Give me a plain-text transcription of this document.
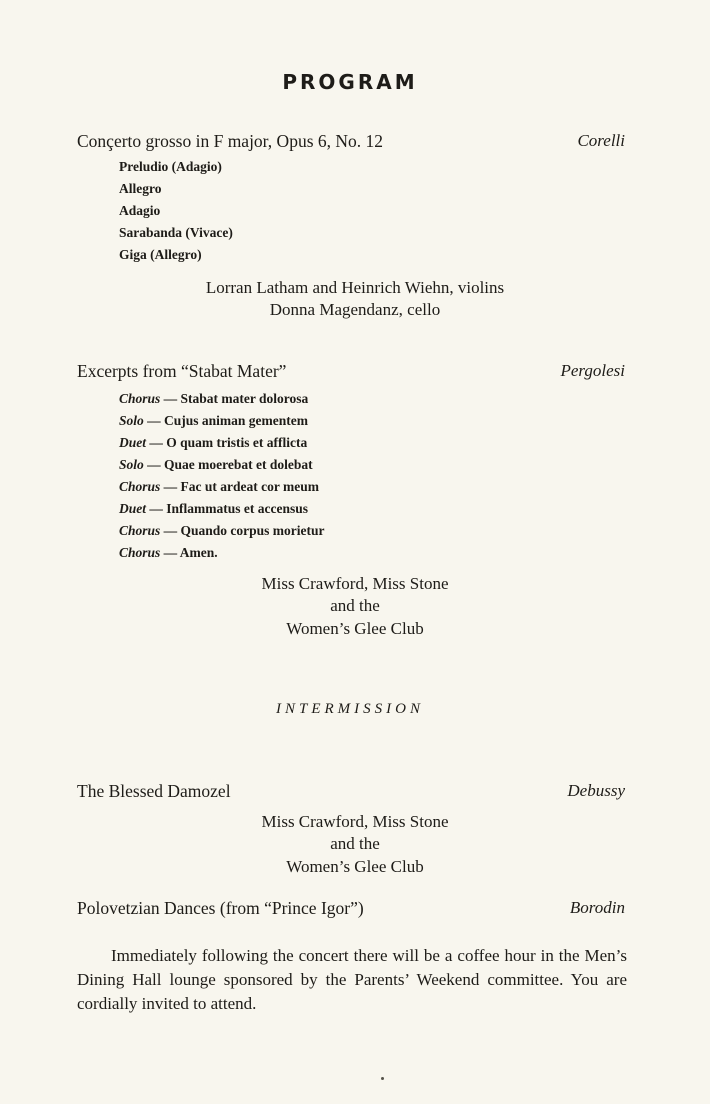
PROGRAM
Conçerto grosso in F major, Opus 6, No. 12	Corelli
Preludio (Adagio)
Allegro
Adagio
Sarabanda (Vivace)
Giga (Allegro)
Lorran Latham and Heinrich Wiehn, violins
Donna Magendanz, cello
Excerpts from “Stabat Mater”	Pergolesi
Chorus — Stabat mater dolorosa
Solo — Cujus animan gementem
Duet — O quam tristis et afflicta
Solo — Quae moerebat et dolebat
Chorus — Fac ut ardeat cor meum
Duet — Inflammatus et accensus
Chorus — Quando corpus morietur
Chorus — Amen.
Miss Crawford, Miss Stone
and the
Women’s Glee Club
INTERMISSION
The Blessed Damozel	Debussy
Miss Crawford, Miss Stone
and the
Women’s Glee Club
Polovetzian Dances (from “Prince Igor”)	Borodin
Immediately following the concert there will be a coffee hour in the Men’s Dining Hall lounge sponsored by the Parents’ Weekend committee. You are cordially invited to attend.
